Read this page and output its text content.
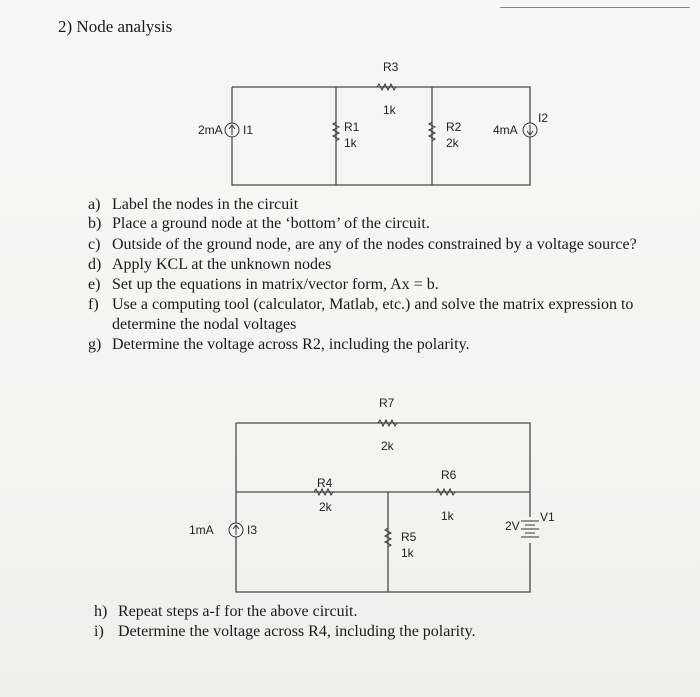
2) Node analysis
2mA I1
R3
1k
R1
1k
R2
2k
4mA
I2
1mA	I3
R7
2k
R4
2k
R6
1k
R5
1k
2V
V1
a) Label the nodes in the circuit
b) Place a ground node at the ‘bottom’ of the circuit.
c) Outside of the ground node, are any of the nodes constrained by a voltage source?
d) Apply KCL at the unknown nodes
e) Set up the equations in matrix/vector form, Ax = b.
f) Use a computing tool (calculator, Matlab, etc.) and solve the matrix expression to
determine the nodal voltages
g) Determine the voltage across R2, including the polarity.
h) Repeat steps a-f for the above circuit.
i) Determine the voltage across R4, including the polarity.
